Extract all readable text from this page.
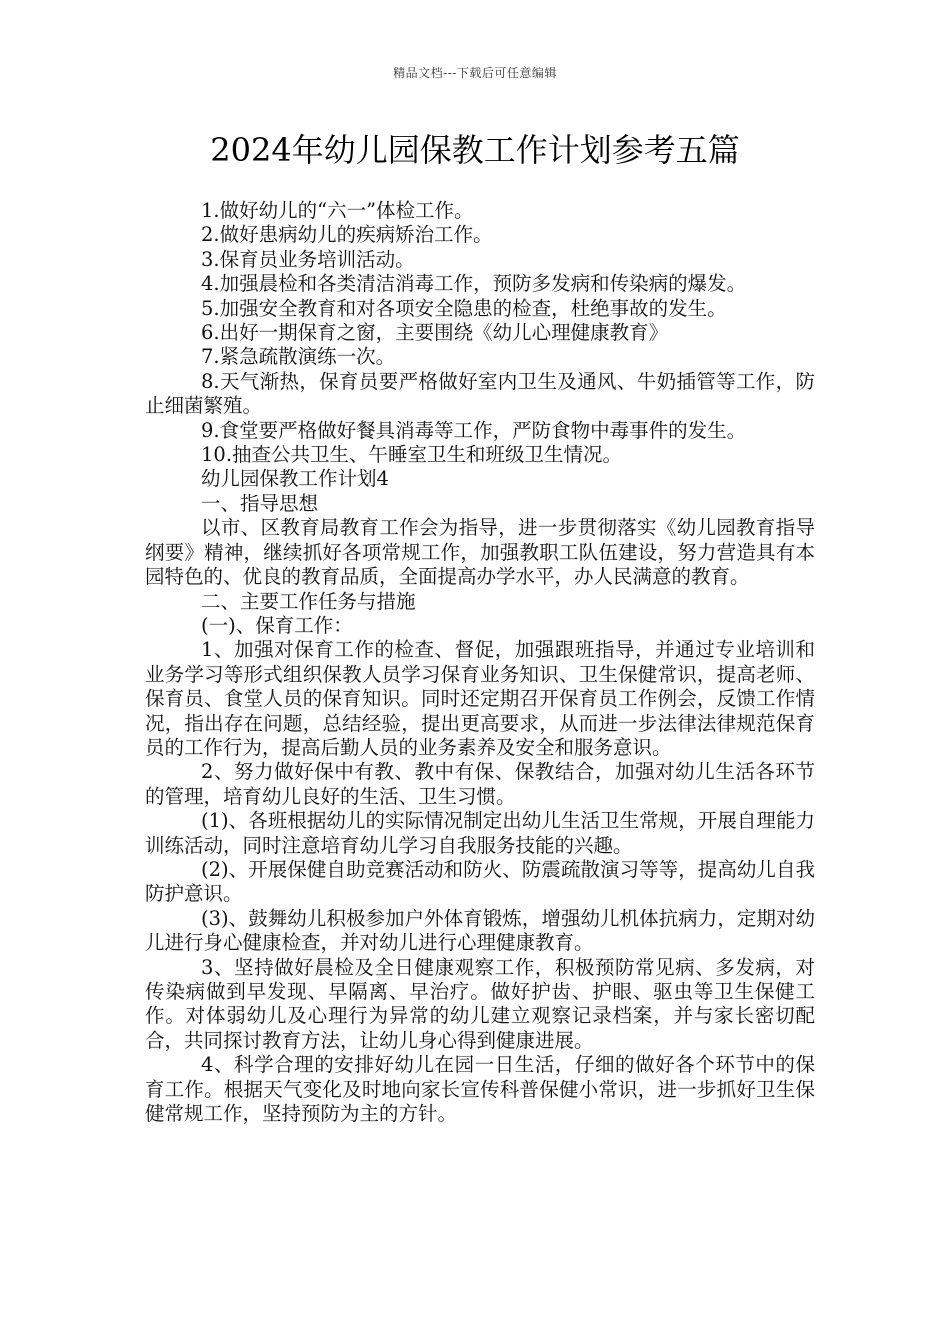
精品文档---下载后可任意编辑
2024年幼儿园保教工作计划参考五篇

1.做好幼儿的“六一”体检工作。

2.做好患病幼儿的疾病矫治工作。

3.保育员业务培训活动。

4.加强晨检和各类清洁消毒工作，预防多发病和传染病的爆发。

5.加强安全教育和对各项安全隐患的检查，杜绝事故的发生。

6.出好一期保育之窗，主要围绕《幼儿心理健康教育》

7.紧急疏散演练一次。

8.天气渐热，保育员要严格做好室内卫生及通风、牛奶插管等工作，防止细菌繁殖。

9.食堂要严格做好餐具消毒等工作，严防食物中毒事件的发生。

10.抽查公共卫生、午睡室卫生和班级卫生情况。

幼儿园保教工作计划4

一、指导思想

以市、区教育局教育工作会为指导，进一步贯彻落实《幼儿园教育指导纲要》精神，继续抓好各项常规工作，加强教职工队伍建设，努力营造具有本园特色的、优良的教育品质，全面提高办学水平，办人民满意的教育。

二、主要工作任务与措施

(一)、保育工作：

1、加强对保育工作的检查、督促，加强跟班指导，并通过专业培训和业务学习等形式组织保教人员学习保育业务知识、卫生保健常识，提高老师、保育员、食堂人员的保育知识。同时还定期召开保育员工作例会，反馈工作情况，指出存在问题，总结经验，提出更高要求，从而进一步法律法律规范保育员的工作行为，提高后勤人员的业务素养及安全和服务意识。

2、努力做好保中有教、教中有保、保教结合，加强对幼儿生活各环节的管理，培育幼儿良好的生活、卫生习惯。

(1)、各班根据幼儿的实际情况制定出幼儿生活卫生常规，开展自理能力训练活动，同时注意培育幼儿学习自我服务技能的兴趣。

(2)、开展保健自助竞赛活动和防火、防震疏散演习等等，提高幼儿自我防护意识。

(3)、鼓舞幼儿积极参加户外体育锻炼，增强幼儿机体抗病力，定期对幼儿进行身心健康检查，并对幼儿进行心理健康教育。

3、坚持做好晨检及全日健康观察工作，积极预防常见病、多发病，对传染病做到早发现、早隔离、早治疗。做好护齿、护眼、驱虫等卫生保健工作。对体弱幼儿及心理行为异常的幼儿建立观察记录档案，并与家长密切配合，共同探讨教育方法，让幼儿身心得到健康进展。

4、科学合理的安排好幼儿在园一日生活，仔细的做好各个环节中的保育工作。根据天气变化及时地向家长宣传科普保健小常识，进一步抓好卫生保健常规工作，坚持预防为主的方针。
